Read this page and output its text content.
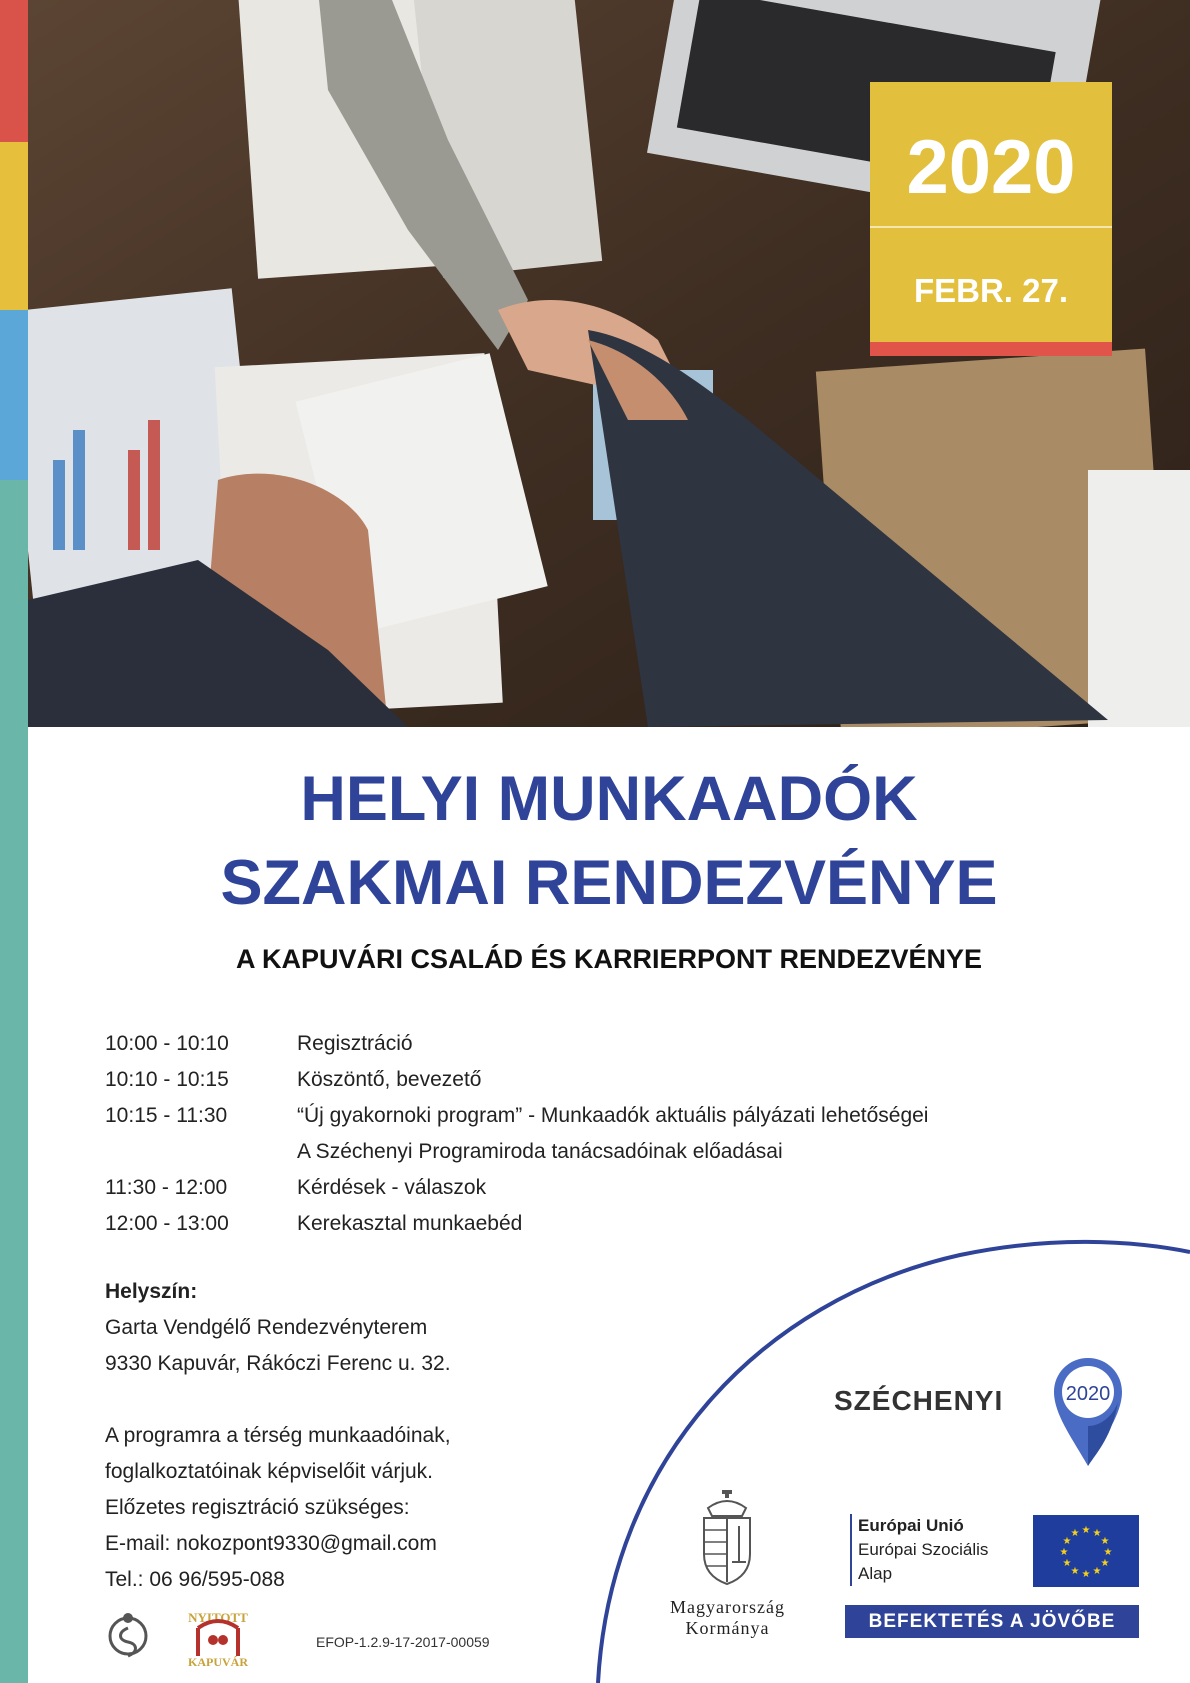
2020
FEBR. 27.
HELYI MUNKAADÓK
SZAKMAI RENDEZVÉNYE
A KAPUVÁRI CSALÁD ÉS KARRIERPONT RENDEZVÉNYE
10:00 - 10:10	Regisztráció
10:10 - 10:15	Köszöntő, bevezető
10:15 - 11:30	“Új gyakornoki program” - Munkaadók aktuális pályázati lehetőségei
A Széchenyi Programiroda tanácsadóinak előadásai
11:30 - 12:00	Kérdések - válaszok
12:00 - 13:00	Kerekasztal munkaebéd
Helyszín:
Garta Vendgélő Rendezvényterem
9330 Kapuvár, Rákóczi Ferenc u. 32.
A programra a térség munkaadóinak,
foglalkoztatóinak képviselőit várjuk.
Előzetes regisztráció szükséges:
E-mail: nokozpont9330@gmail.com
Tel.: 06 96/595-088
SZÉCHENYI	2020
Magyarország
Kormánya
Európai Unió
Európai Szociális
Alap
★ ★
★
★
★
★
★
★
★
★
★
★
BEFEKTETÉS A JÖVŐBE
NYITOTT
KAPUVÁR
EFOP-1.2.9-17-2017-00059
